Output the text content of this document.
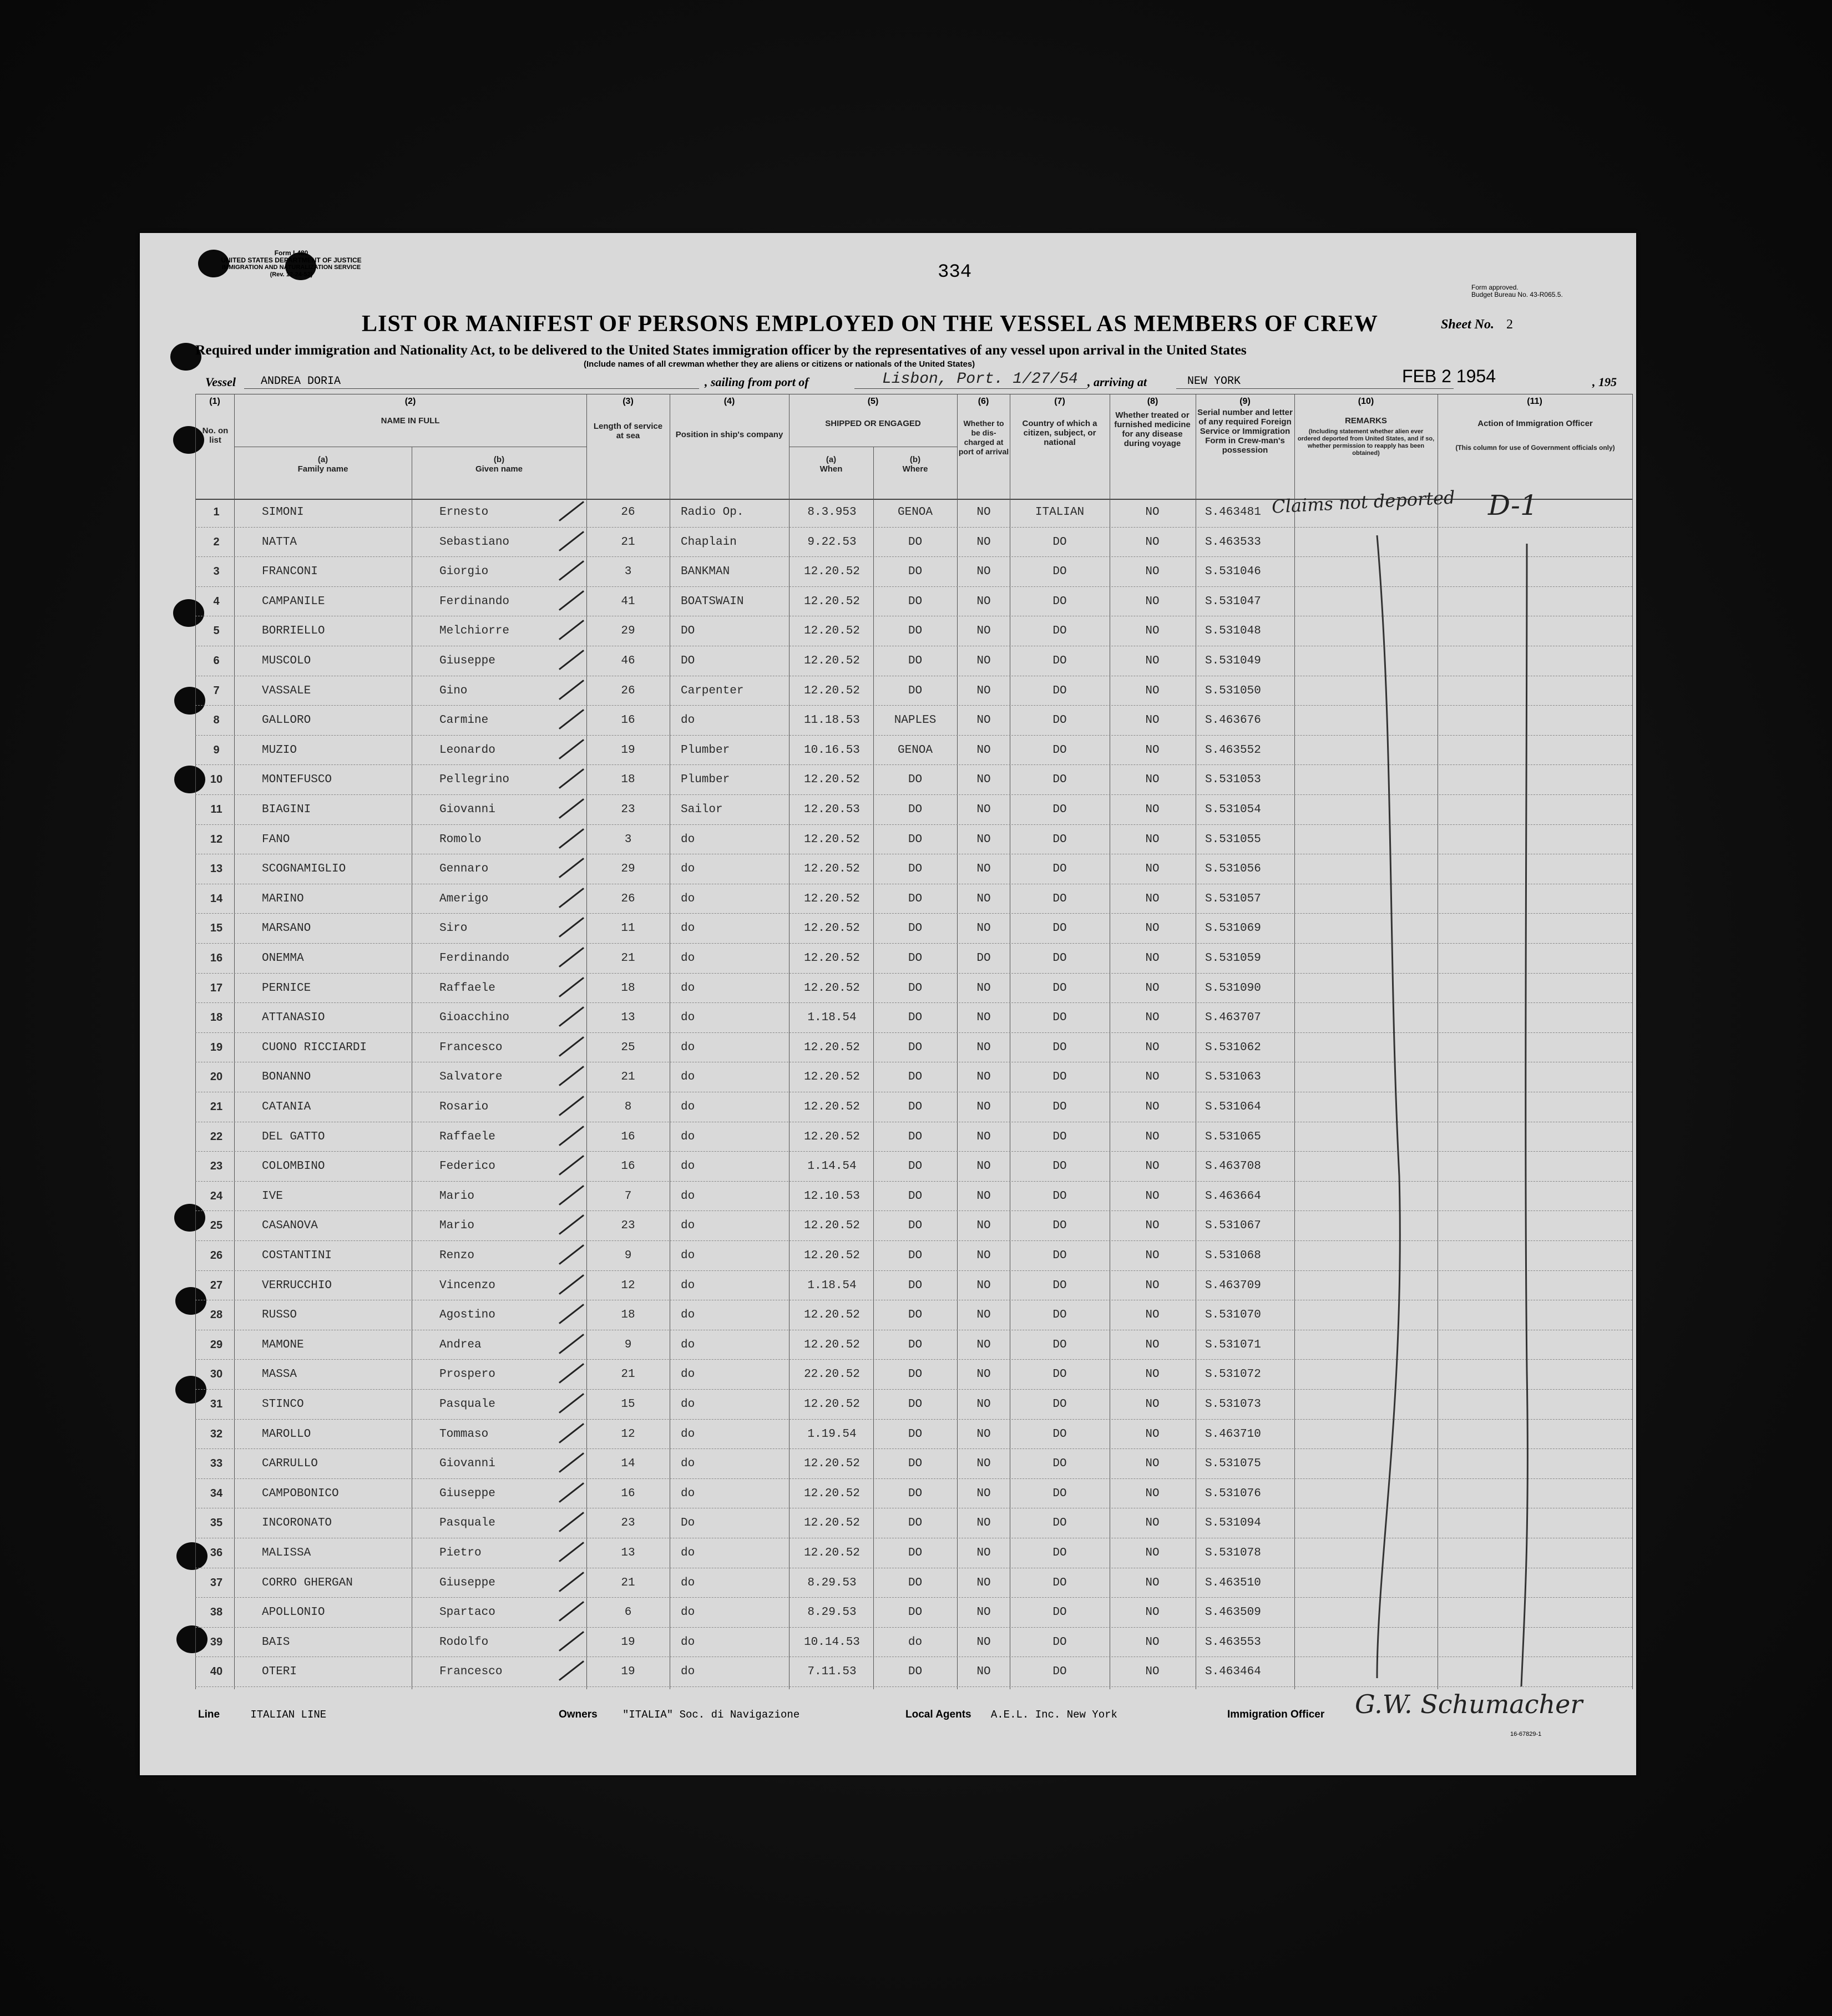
Form I-480
UNITED STATES DEPARTMENT OF JUSTICE
IMMIGRATION AND NATURALIZATION SERVICE
(Rev. 12-24-52)	334
Form approved.
Budget Bureau No. 43-R065.5.
LIST OR MANIFEST OF PERSONS EMPLOYED ON THE VESSEL AS MEMBERS OF CREW	Sheet No. 2
Required under immigration and Nationality Act, to be delivered to the United States immigration officer by the representatives of any vessel upon arrival in the United States
(Include names of all crewman whether they are aliens or citizens or nationals of the United States)
Vessel ANDREA DORIA	, sailing from port of	Lisbon, Port. 1/27/54 , arriving at	NEW YORK	, 195
FEB 2 1954
(1)	(2)	(3)	(4)	(5)	(6)	(7)	(8)	(9)	(10)	(11)
No. on list
NAME IN FULL
(a)
Family name
(b)
Given name
Length of service at sea	Position in ship's company
SHIPPED OR ENGAGED
(a)
When
(b)
Where
Whether to be dis-charged at port of arrival
Country of which a citizen, subject, or national
Whether treated or furnished medicine for any disease during voyage
Serial number and letter of any required Foreign Service or Immigration Form in Crew-man's possession
REMARKS
(Including statement whether alien ever ordered deported from United States, and if so, whether permission to reapply has been obtained)
Action of Immigration Officer
(This column for use of Government officials only)
1	SIMONI	Ernesto	26	Radio Op.	8.3.953	GENOA	NO	ITALIAN	NO	S.463481
2	NATTA	Sebastiano	21	Chaplain	9.22.53	DO	NO	DO	NO	S.463533
3	FRANCONI	Giorgio	3	BANKMAN	12.20.52	DO	NO	DO	NO	S.531046
4	CAMPANILE	Ferdinando	41	BOATSWAIN	12.20.52	DO	NO	DO	NO	S.531047
5	BORRIELLO	Melchiorre	29	DO	12.20.52	DO	NO	DO	NO	S.531048
6	MUSCOLO	Giuseppe	46	DO	12.20.52	DO	NO	DO	NO	S.531049
7	VASSALE	Gino	26	Carpenter	12.20.52	DO	NO	DO	NO	S.531050
8	GALLORO	Carmine	16	do	11.18.53	NAPLES	NO	DO	NO	S.463676
9	MUZIO	Leonardo	19	Plumber	10.16.53	GENOA	NO	DO	NO	S.463552
10	MONTEFUSCO	Pellegrino	18	Plumber	12.20.52	DO	NO	DO	NO	S.531053
11	BIAGINI	Giovanni	23	Sailor	12.20.53	DO	NO	DO	NO	S.531054
12	FANO	Romolo	3	do	12.20.52	DO	NO	DO	NO	S.531055
13	SCOGNAMIGLIO	Gennaro	29	do	12.20.52	DO	NO	DO	NO	S.531056
14	MARINO	Amerigo	26	do	12.20.52	DO	NO	DO	NO	S.531057
15	MARSANO	Siro	11	do	12.20.52	DO	NO	DO	NO	S.531069
16	ONEMMA	Ferdinando	21	do	12.20.52	DO	DO	DO	NO	S.531059
17	PERNICE	Raffaele	18	do	12.20.52	DO	NO	DO	NO	S.531090
18	ATTANASIO	Gioacchino	13	do	1.18.54	DO	NO	DO	NO	S.463707
19	CUONO RICCIARDI	Francesco	25	do	12.20.52	DO	NO	DO	NO	S.531062
20	BONANNO	Salvatore	21	do	12.20.52	DO	NO	DO	NO	S.531063
21	CATANIA	Rosario	8	do	12.20.52	DO	NO	DO	NO	S.531064
22	DEL GATTO	Raffaele	16	do	12.20.52	DO	NO	DO	NO	S.531065
23	COLOMBINO	Federico	16	do	1.14.54	DO	NO	DO	NO	S.463708
24	IVE	Mario	7	do	12.10.53	DO	NO	DO	NO	S.463664
25	CASANOVA	Mario	23	do	12.20.52	DO	NO	DO	NO	S.531067
26	COSTANTINI	Renzo	9	do	12.20.52	DO	NO	DO	NO	S.531068
27	VERRUCCHIO	Vincenzo	12	do	1.18.54	DO	NO	DO	NO	S.463709
28	RUSSO	Agostino	18	do	12.20.52	DO	NO	DO	NO	S.531070
29	MAMONE	Andrea	9	do	12.20.52	DO	NO	DO	NO	S.531071
30	MASSA	Prospero	21	do	22.20.52	DO	NO	DO	NO	S.531072
31	STINCO	Pasquale	15	do	12.20.52	DO	NO	DO	NO	S.531073
32	MAROLLO	Tommaso	12	do	1.19.54	DO	NO	DO	NO	S.463710
33	CARRULLO	Giovanni	14	do	12.20.52	DO	NO	DO	NO	S.531075
34	CAMPOBONICO	Giuseppe	16	do	12.20.52	DO	NO	DO	NO	S.531076
35	INCORONATO	Pasquale	23	Do	12.20.52	DO	NO	DO	NO	S.531094
36	MALISSA	Pietro	13	do	12.20.52	DO	NO	DO	NO	S.531078
37	CORRO GHERGAN	Giuseppe	21	do	8.29.53	DO	NO	DO	NO	S.463510
38	APOLLONIO	Spartaco	6	do	8.29.53	DO	NO	DO	NO	S.463509
39	BAIS	Rodolfo	19	do	10.14.53	do	NO	DO	NO	S.463553
40	OTERI	Francesco	19	do	7.11.53	DO	NO	DO	NO	S.463464
Claims not deported D-1
Line	ITALIAN LINE	Owners "ITALIA" Soc. di Navigazione	Local Agents A.E.L. Inc. New York	Immigration Officer G.W. Schumacher
16-67829-1
